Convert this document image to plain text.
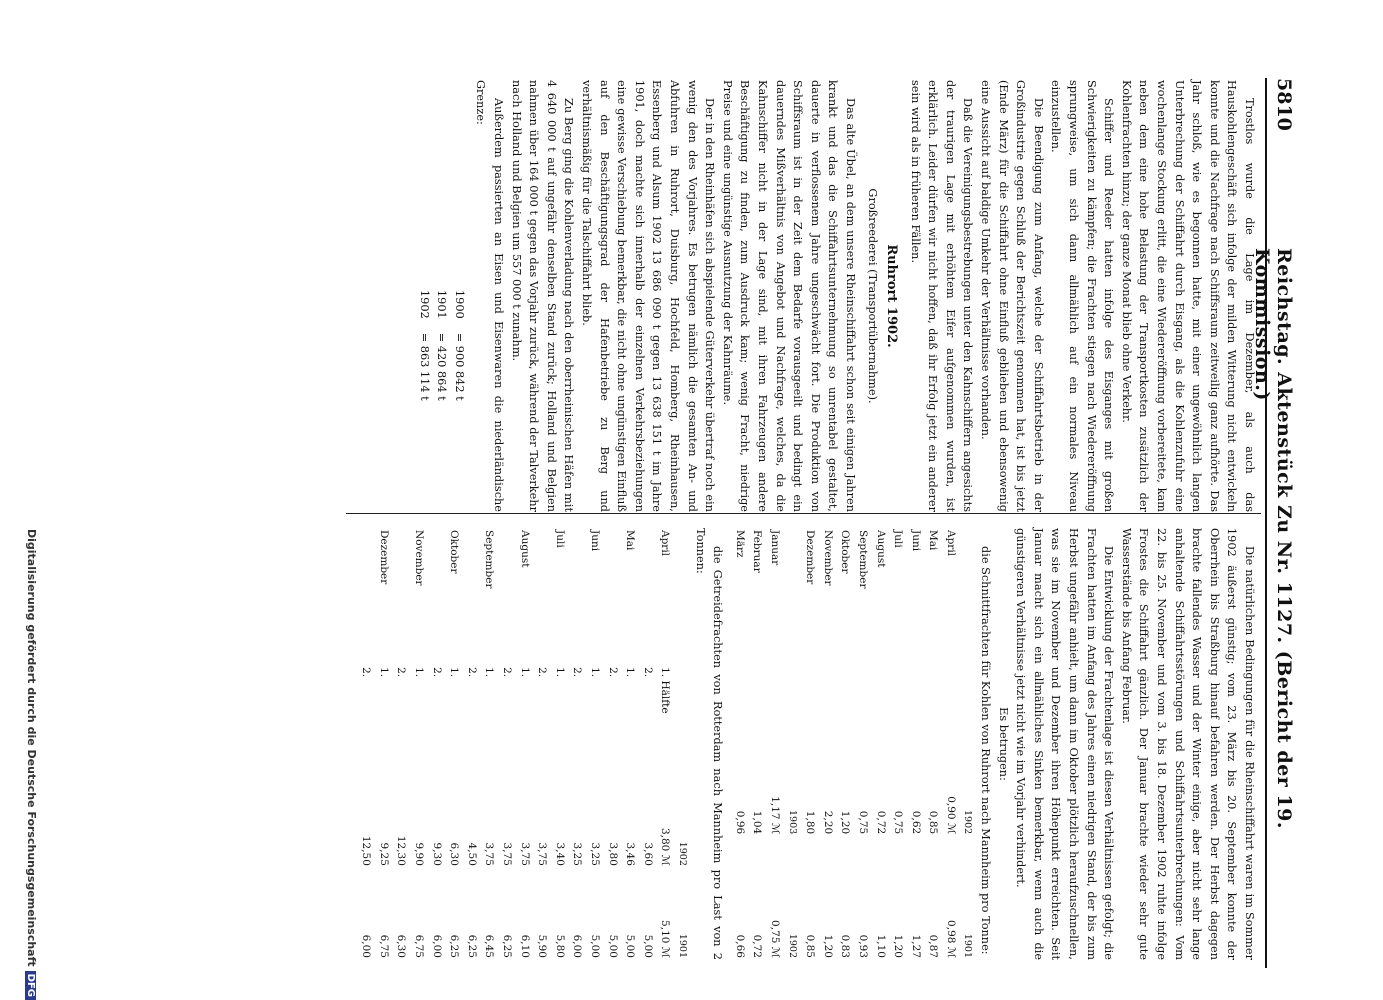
5810
Reichstag. Aktenstück Zu Nr. 1127. (Bericht der 19. Kommission.)

Trostlos wurde die Lage im Dezember, als auch das Hauskohlengeschäft sich infolge der milden Witterung nicht entwickeln konnte und die Nachfrage nach Schiffsraum zeitweilig ganz aufhörte. Das Jahr schloß, wie es begonnen hatte, mit einer ungewöhnlich langen Unterbrechung der Schiffahrt durch Eisgang, als die Kohlenzufuhr eine wochenlange Stockung erlitt, die eine Wiedereröffnung vorbereitete, kam neben dem eine hohe Belastung der Transportkosten zusätzlich der Kohlenfrachten hinzu; der ganze Monat blieb ohne Verkehr.

Schiffer und Reeder hatten infolge des Eisganges mit großen Schwierigkeiten zu kämpfen; die Frachten stiegen nach Wiedereröffnung sprungweise, um sich dann allmählich auf ein normales Niveau einzustellen.

Die Beendigung zum Anfang, welche der Schiffahrtsbetrieb in der Großindustrie gegen Schluß der Berichtszeit genommen hat, ist bis jetzt (Ende März) für die Schiffahrt ohne Einfluß geblieben und ebensowenig eine Aussicht auf baldige Umkehr der Verhältnisse vorhanden.

Daß die Vereinigungsbestrebungen unter den Kahnschiffern angesichts der traurigen Lage mit erhöhtem Eifer aufgenommen wurden, ist erklärlich. Leider dürfen wir nicht hoffen, daß ihr Erfolg jetzt ein anderer sein wird als in früheren Fällen.

Ruhrort 1902.
Großreederei (Transportübernahme).

Das alte Übel, an dem unsere Rheinschiffahrt schon seit einigen Jahren krankt und das die Schiffahrtsunternehmung so unrentabel gestaltet, dauerte in verflossenem Jahre ungeschwächt fort. Die Produktion von Schiffsraum ist in der Zeit dem Bedarfe vorausgeeilt und bedingt ein dauerndes Mißverhältnis von Angebot und Nachfrage, welches, da die Kahnschiffer nicht in der Lage sind, mit ihren Fahrzeugen andere Beschäftigung zu finden, zum Ausdruck kam; wenig Fracht, niedrige Preise und eine ungünstige Ausnutzung der Kahnräume.

Der in den Rheinhäfen sich abspielende Güterverkehr übertraf noch ein wenig den des Vorjahres. Es betrugen nämlich die gesamten An- und Abfuhren in Ruhrort, Duisburg, Hochfeld, Homberg, Rheinhausen, Essenberg und Alsum 1902 13 686 090 t gegen 13 638 151 t im Jahre 1901, doch machte sich innerhalb der einzelnen Verkehrsbeziehungen eine gewisse Verschiebung bemerkbar, die nicht ohne ungünstigen Einfluß auf den Beschäftigungsgrad der Hafenbetriebe zu Berg und verhältnismäßig für die Talschiffahrt blieb.

Zu Berg ging die Kohlenverladung nach den oberrheinischen Häfen mit 4 640 000 t auf ungefähr denselben Stand zurück; Holland und Belgien nahmen über 164 000 t gegen das Vorjahr zurück, während der Talverkehr nach Holland und Belgien um 557 000 t zunahm.

Außerdem passierten an Eisen und Eisenwaren die niederländische Grenze:

1900
= 900 842 t
1901
= 420 864 t
1902
= 863 114 t

Die natürlichen Bedingungen für die Rheinschiffahrt waren im Sommer 1902 äußerst günstig; vom 23. März bis 20. September konnte der Oberrhein bis Straßburg hinauf befahren werden. Der Herbst dagegen brachte fallendes Wasser und der Winter einige, aber nicht sehr lange anhaltende Schiffahrtsstörungen und Schiffahrtsunterbrechungen: Vom 22. bis 25. November und vom 3. bis 18. Dezember 1902 ruhte infolge Frostes die Schiffahrt gänzlich. Der Januar brachte wieder sehr gute Wasserstände bis Anfang Februar.

Die Entwicklung der Frachtenlage ist diesen Verhältnissen gefolgt; die Frachten hatten im Anfang des Jahres einen niedrigen Stand, der bis zum Herbst ungefähr anhielt, um dann im Oktober plötzlich heraufzuschnellen, was sie im November und Dezember ihren Höhepunkt erreichten. Seit Januar macht sich ein allmähliches Sinken bemerkbar, wenn auch die günstigeren Verhältnisse jetzt nicht wie im Vorjahr verhindert.

Es betrugen:

die Schnittfrachten für Kohlen von Ruhrort nach Mannheim pro Tonne:

	1902	1901
April	0,90 ℳ	0,98 ℳ
Mai	0,85	0,87
Juni	0,62	1,27
Juli	0,75	1,20
August	0,72	1,10
September	0,75	0,93
Oktober	1,20	0,83
November	2,20	1,20
Dezember	1,80	0,85
	1903	1902
Januar	1,17 ℳ	0,75 ℳ
Februar	1,04	0,72
März	0,96	0,66

die Getreidefrachten von Rotterdam nach Mannheim pro Last von 2 Tonnen:

		1902	1901
April	1. Hälfte	3,80 ℳ	5,10 ℳ
	2.	3,60	5,00
Mai	1.	3,46	5,00
	2.	3,80	5,00
Juni	1.	3,25	5,00
	2.	3,25	6,00
Juli	1.	3,40	5,80
	2.	3,75	5,90
August	1.	3,75	6,10
	2.	3,75	6,25
September	1.	3,75	6,45
	2.	4,50	6,25
Oktober	1.	6,30	6,25
	2.	9,30	6,00
November	1.	9,90	6,75
	2.	12,30	6,30
Dezember	1.	9,25	6,75
	2.	12,50	6,00
Digitalisierung gefördert durch die Deutsche ForschungsgemeinschaftDFG
